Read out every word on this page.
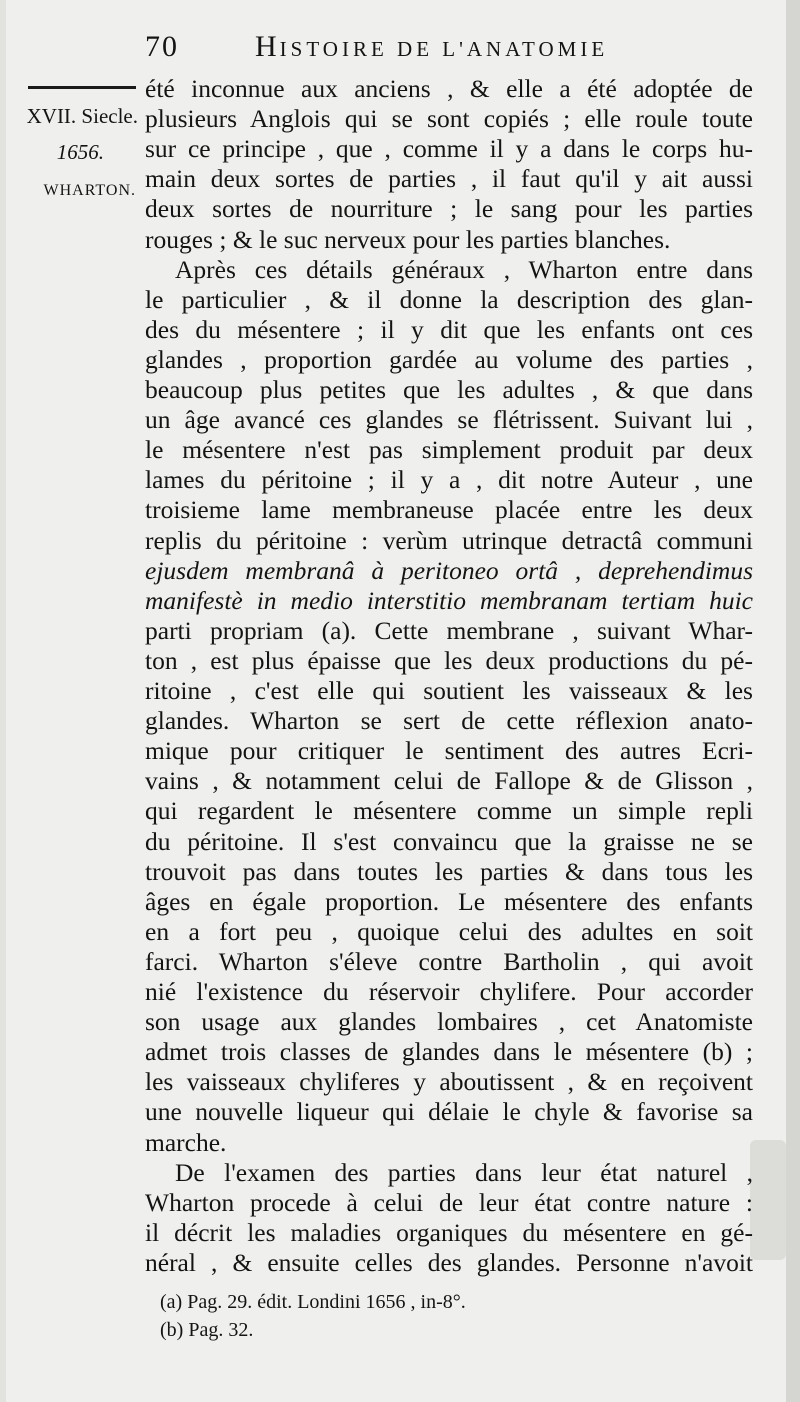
70	HISTOIRE DE L'ANATOMIE
XVII. Siecle.
1656.
WHARTON.
été inconnue aux anciens , & elle a été adoptée de
plusieurs Anglois qui se sont copiés ; elle roule toute
sur ce principe , que , comme il y a dans le corps hu-
main deux sortes de parties , il faut qu'il y ait aussi
deux sortes de nourriture ; le sang pour les parties
rouges ; & le suc nerveux pour les parties blanches.
Après ces détails généraux , Wharton entre dans
le particulier , & il donne la description des glan-
des du mésentere ; il y dit que les enfants ont ces
glandes , proportion gardée au volume des parties ,
beaucoup plus petites que les adultes , & que dans
un âge avancé ces glandes se flétrissent. Suivant lui ,
le mésentere n'est pas simplement produit par deux
lames du péritoine ; il y a , dit notre Auteur , une
troisieme lame membraneuse placée entre les deux
replis du péritoine : verùm utrinque detractâ communi
ejusdem membranâ à peritoneo ortâ , deprehendimus
manifestè in medio interstitio membranam tertiam huic
parti propriam (a). Cette membrane , suivant Whar-
ton , est plus épaisse que les deux productions du pé-
ritoine , c'est elle qui soutient les vaisseaux & les
glandes. Wharton se sert de cette réflexion anato-
mique pour critiquer le sentiment des autres Ecri-
vains , & notamment celui de Fallope & de Glisson ,
qui regardent le mésentere comme un simple repli
du péritoine. Il s'est convaincu que la graisse ne se
trouvoit pas dans toutes les parties & dans tous les
âges en égale proportion. Le mésentere des enfants
en a fort peu , quoique celui des adultes en soit
farci. Wharton s'éleve contre Bartholin , qui avoit
nié l'existence du réservoir chylifere. Pour accorder
son usage aux glandes lombaires , cet Anatomiste
admet trois classes de glandes dans le mésentere (b) ;
les vaisseaux chyliferes y aboutissent , & en reçoivent
une nouvelle liqueur qui délaie le chyle & favorise sa
marche.
De l'examen des parties dans leur état naturel ,
Wharton procede à celui de leur état contre nature :
il décrit les maladies organiques du mésentere en gé-
néral , & ensuite celles des glandes. Personne n'avoit
(a) Pag. 29. édit. Londini 1656 , in-8°.
(b) Pag. 32.
